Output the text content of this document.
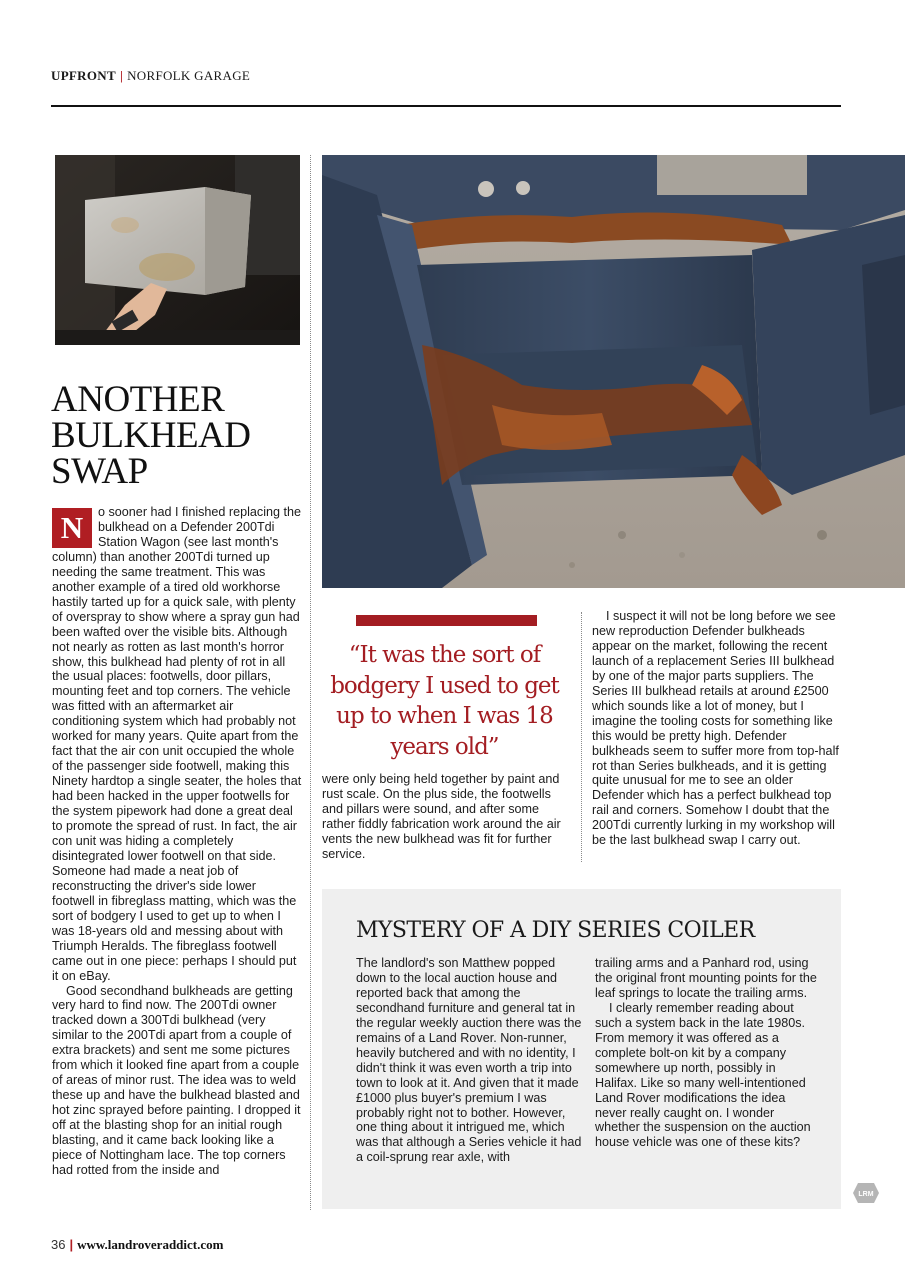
UPFRONT | NORFOLK GARAGE
ANOTHER
BULKHEAD
SWAP
N	o sooner had I finished replacing the bulkhead on a Defender 200Tdi Station Wagon (see last month's column) than another 200Tdi turned up needing the same treatment. This was another example of a tired old workhorse hastily tarted up for a quick sale, with plenty of overspray to show where a spray gun had been wafted over the visible bits. Although not nearly as rotten as last month's horror show, this bulkhead had plenty of rot in all the usual places: footwells, door pillars, mounting feet and top corners. The vehicle was fitted with an aftermarket air conditioning system which had probably not worked for many years. Quite apart from the fact that the air con unit occupied the whole of the passenger side footwell, making this Ninety hardtop a single seater, the holes that had been hacked in the upper footwells for the system pipework had done a great deal to promote the spread of rust. In fact, the air con unit was hiding a completely disintegrated lower footwell on that side. Someone had made a neat job of reconstructing the driver's side lower footwell in fibreglass matting, which was the sort of bodgery I used to get up to when I was 18-years old and messing about with Triumph Heralds. The fibreglass footwell came out in one piece: perhaps I should put it on eBay.

Good secondhand bulkheads are getting very hard to find now. The 200Tdi owner tracked down a 300Tdi bulkhead (very similar to the 200Tdi apart from a couple of extra brackets) and sent me some pictures from which it looked fine apart from a couple of areas of minor rust. The idea was to weld these up and have the bulkhead blasted and hot zinc sprayed before painting. I dropped it off at the blasting shop for an initial rough blasting, and it came back looking like a piece of Nottingham lace. The top corners had rotted from the inside and

“It was the sort of bodgery I used to get up to when I was 18 years old”

were only being held together by paint and rust scale. On the plus side, the footwells and pillars were sound, and after some rather fiddly fabrication work around the air vents the new bulkhead was fit for further service.

I suspect it will not be long before we see new reproduction Defender bulkheads appear on the market, following the recent launch of a replacement Series III bulkhead by one of the major parts suppliers. The Series III bulkhead retails at around £2500 which sounds like a lot of money, but I imagine the tooling costs for something like this would be pretty high. Defender bulkheads seem to suffer more from top-half rot than Series bulkheads, and it is getting quite unusual for me to see an older Defender which has a perfect bulkhead top rail and corners. Somehow I doubt that the 200Tdi currently lurking in my workshop will be the last bulkhead swap I carry out.

MYSTERY OF A DIY SERIES COILER

The landlord's son Matthew popped down to the local auction house and reported back that among the secondhand furniture and general tat in the regular weekly auction there was the remains of a Land Rover. Non-runner, heavily butchered and with no identity, I didn't think it was even worth a trip into town to look at it. And given that it made £1000 plus buyer's premium I was probably right not to bother. However, one thing about it intrigued me, which was that although a Series vehicle it had a coil-sprung rear axle, with

trailing arms and a Panhard rod, using the original front mounting points for the leaf springs to locate the trailing arms.

I clearly remember reading about such a system back in the late 1980s. From memory it was offered as a complete bolt-on kit by a company somewhere up north, possibly in Halifax. Like so many well-intentioned Land Rover modifications the idea never really caught on. I wonder whether the suspension on the auction house vehicle was one of these kits?

LRM
36 | www.landroveraddict.com
